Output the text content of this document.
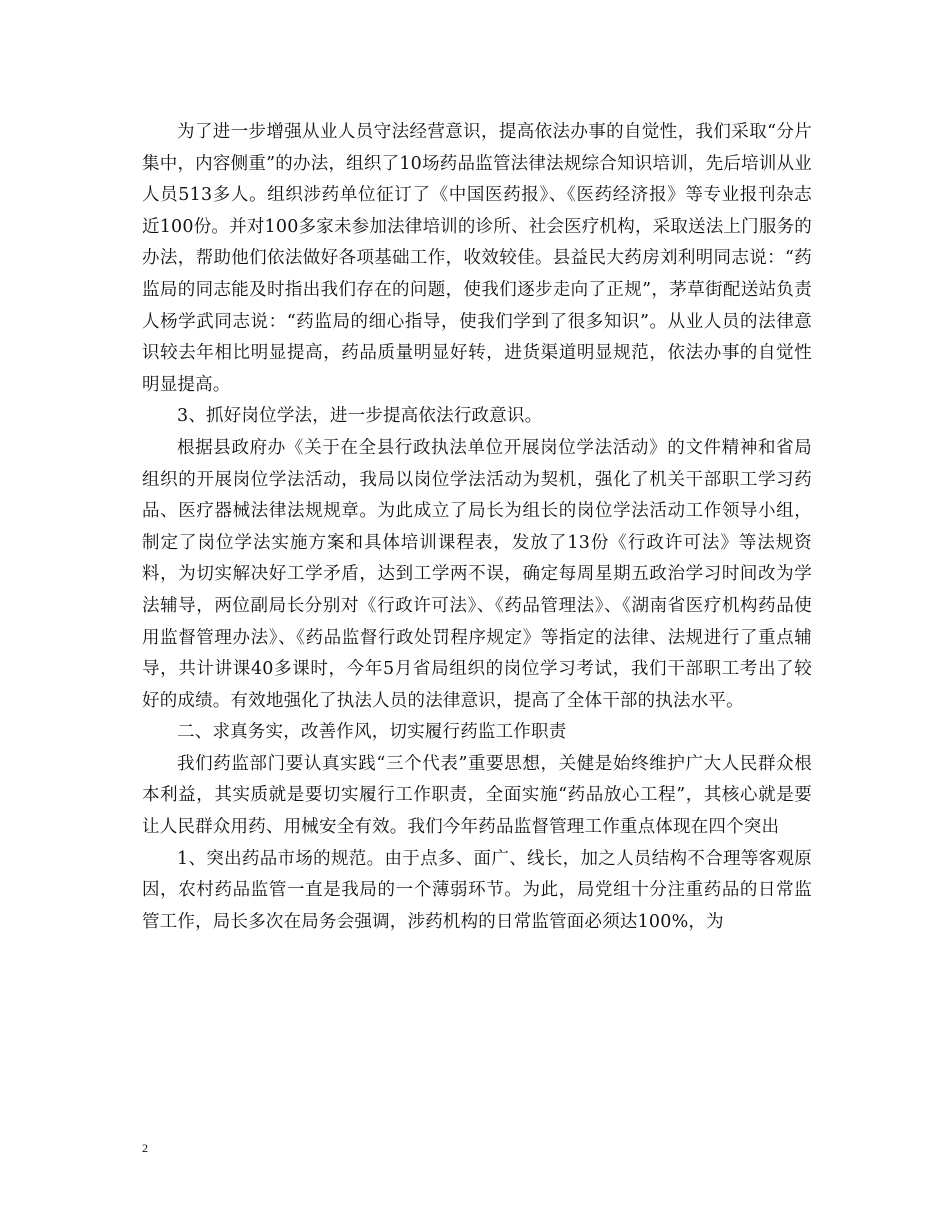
为了进一步增强从业人员守法经营意识，提高依法办事的自觉性，我们采取“分片集中，内容侧重”的办法，组织了10场药品监管法律法规综合知识培训，先后培训从业人员513多人。组织涉药单位征订了《中国医药报》、《医药经济报》等专业报刊杂志近100份。并对100多家未参加法律培训的诊所、社会医疗机构，采取送法上门服务的办法，帮助他们依法做好各项基础工作，收效较佳。县益民大药房刘利明同志说：“药监局的同志能及时指出我们存在的问题，使我们逐步走向了正规”，茅草街配送站负责人杨学武同志说：“药监局的细心指导，使我们学到了很多知识”。从业人员的法律意识较去年相比明显提高，药品质量明显好转，进货渠道明显规范，依法办事的自觉性明显提高。

3、抓好岗位学法，进一步提高依法行政意识。

根据县政府办《关于在全县行政执法单位开展岗位学法活动》的文件精神和省局组织的开展岗位学法活动，我局以岗位学法活动为契机，强化了机关干部职工学习药品、医疗器械法律法规规章。为此成立了局长为组长的岗位学法活动工作领导小组，制定了岗位学法实施方案和具体培训课程表，发放了13份《行政许可法》等法规资料，为切实解决好工学矛盾，达到工学两不误，确定每周星期五政治学习时间改为学法辅导，两位副局长分别对《行政许可法》、《药品管理法》、《湖南省医疗机构药品使用监督管理办法》、《药品监督行政处罚程序规定》等指定的法律、法规进行了重点辅导，共计讲课40多课时，今年5月省局组织的岗位学习考试，我们干部职工考出了较好的成绩。有效地强化了执法人员的法律意识，提高了全体干部的执法水平。

二、求真务实，改善作风，切实履行药监工作职责

我们药监部门要认真实践“三个代表”重要思想，关健是始终维护广大人民群众根本利益，其实质就是要切实履行工作职责，全面实施“药品放心工程”，其核心就是要让人民群众用药、用械安全有效。我们今年药品监督管理工作重点体现在四个突出

1、突出药品市场的规范。由于点多、面广、线长，加之人员结构不合理等客观原因，农村药品监管一直是我局的一个薄弱环节。为此，局党组十分注重药品的日常监管工作，局长多次在局务会强调，涉药机构的日常监管面必须达100%，为

2
